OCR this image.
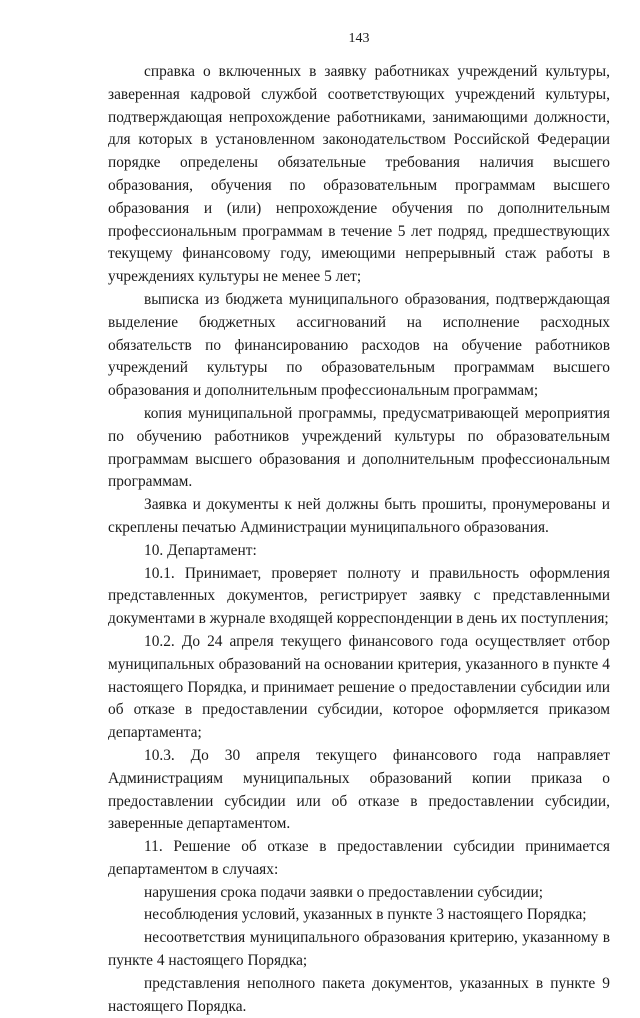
143

справка о включенных в заявку работниках учреждений культуры, заверенная кадровой службой соответствующих учреждений культуры, подтверждающая непрохождение работниками, занимающими должности, для которых в установленном законодательством Российской Федерации порядке определены обязательные требования наличия высшего образования, обучения по образовательным программам высшего образования и (или) непрохождение обучения по дополнительным профессиональным программам в течение 5 лет подряд, предшествующих текущему финансовому году, имеющими непрерывный стаж работы в учреждениях культуры не менее 5 лет;

выписка из бюджета муниципального образования, подтверждающая выделение бюджетных ассигнований на исполнение расходных обязательств по финансированию расходов на обучение работников учреждений культуры по образовательным программам высшего образования и дополнительным профессиональным программам;

копия муниципальной программы, предусматривающей мероприятия по обучению работников учреждений культуры по образовательным программам высшего образования и дополнительным профессиональным программам.

Заявка и документы к ней должны быть прошиты, пронумерованы и скреплены печатью Администрации муниципального образования.

10. Департамент:

10.1. Принимает, проверяет полноту и правильность оформления представленных документов, регистрирует заявку с представленными документами в журнале входящей корреспонденции в день их поступления;

10.2. До 24 апреля текущего финансового года осуществляет отбор муниципальных образований на основании критерия, указанного в пункте 4 настоящего Порядка, и принимает решение о предоставлении субсидии или об отказе в предоставлении субсидии, которое оформляется приказом департамента;

10.3. До 30 апреля текущего финансового года направляет Администрациям муниципальных образований копии приказа о предоставлении субсидии или об отказе в предоставлении субсидии, заверенные департаментом.

11. Решение об отказе в предоставлении субсидии принимается департаментом в случаях:

нарушения срока подачи заявки о предоставлении субсидии;

несоблюдения условий, указанных в пункте 3 настоящего Порядка;

несоответствия муниципального образования критерию, указанному в пункте 4 настоящего Порядка;

представления неполного пакета документов, указанных в пункте 9 настоящего Порядка.
